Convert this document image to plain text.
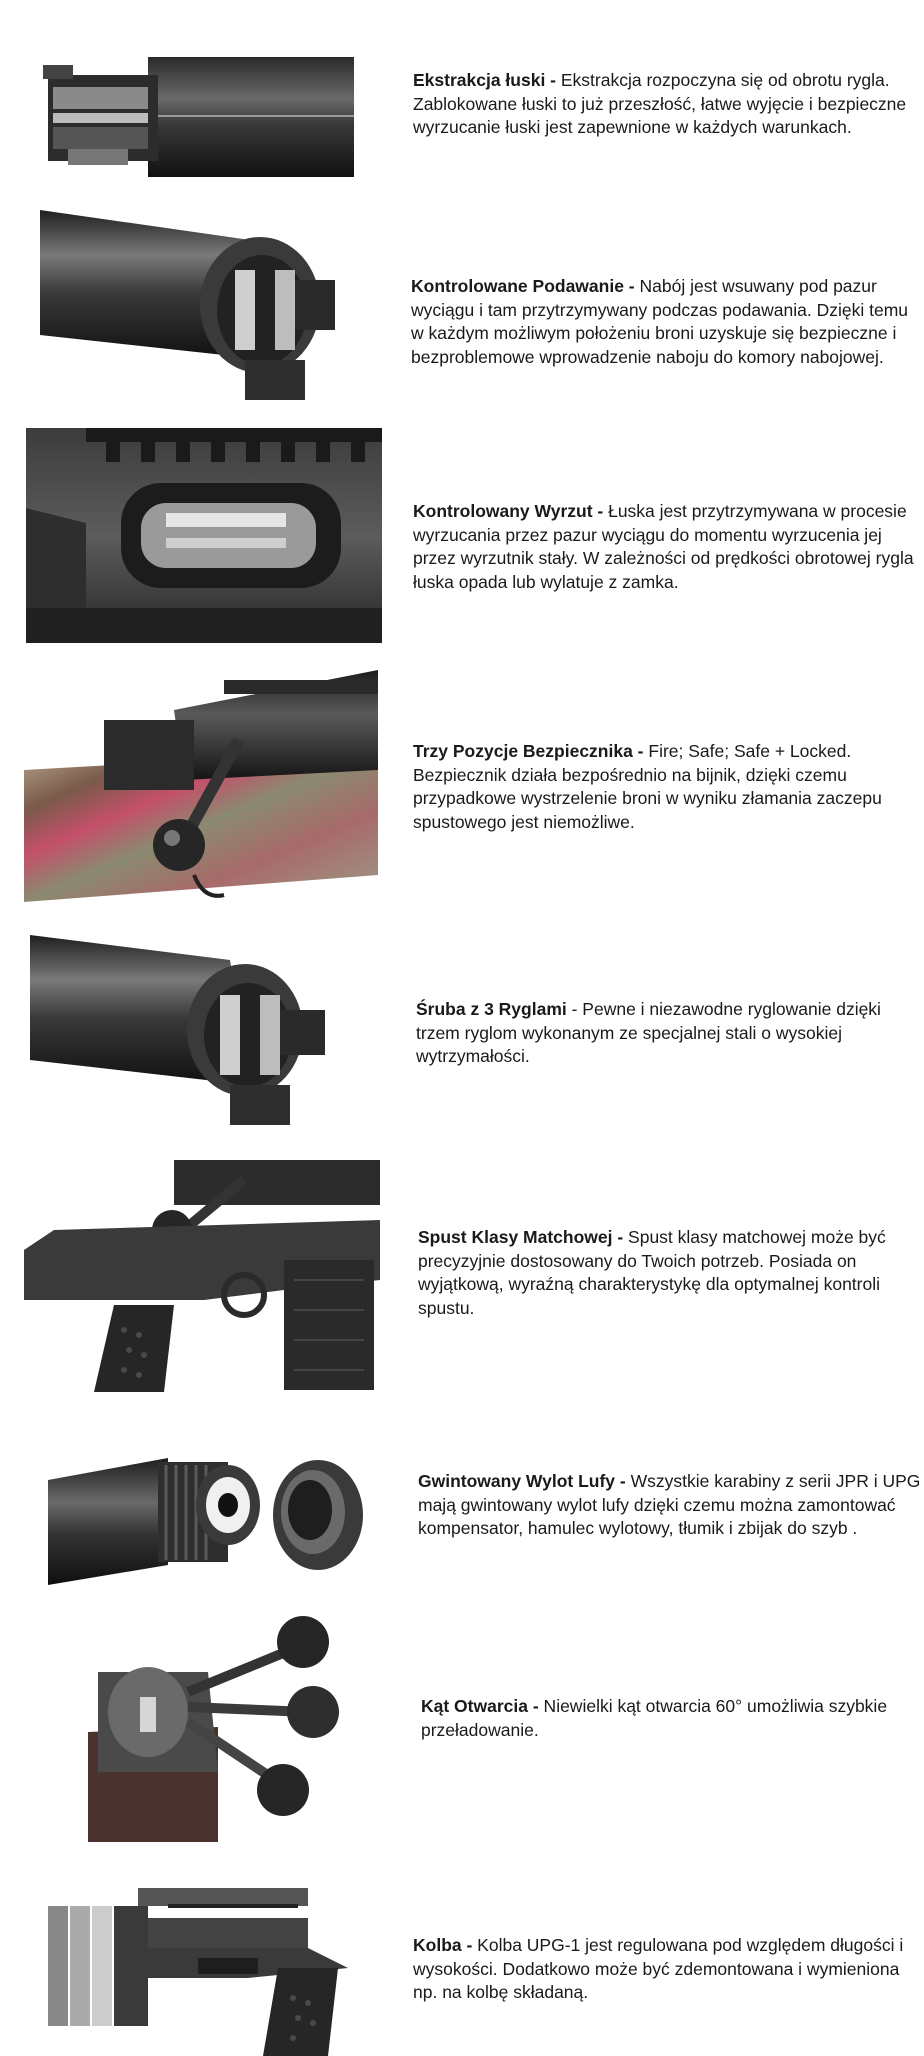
Ekstrakcja łuski - Ekstrakcja rozpoczyna się od obrotu rygla. Zablokowane łuski to już przeszłość, łatwe wyjęcie i bezpieczne wyrzucanie łuski jest zapewnione w każdych warunkach.
Kontrolowane Podawanie - Nabój jest wsuwany pod pazur wyciągu i tam przytrzymywany podczas podawania. Dzięki temu w każdym możliwym położeniu broni uzyskuje się bezpieczne i bezproblemowe wprowadzenie naboju do komory nabojowej.
Kontrolowany Wyrzut - Łuska jest przytrzymywana w procesie wyrzucania przez pazur wyciągu do momentu wyrzucenia jej przez wyrzutnik stały. W zależności od prędkości obrotowej rygla łuska opada lub wylatuje z zamka.
Trzy Pozycje Bezpiecznika - Fire; Safe; Safe + Locked. Bezpiecznik działa bezpośrednio na bijnik, dzięki czemu przypadkowe wystrzelenie broni w wyniku złamania zaczepu spustowego jest niemożliwe.
Śruba z 3 Ryglami - Pewne i niezawodne ryglowanie dzięki trzem ryglom wykonanym ze specjalnej stali o wysokiej wytrzymałości.
Spust Klasy Matchowej - Spust klasy matchowej może być precyzyjnie dostosowany do Twoich potrzeb. Posiada on wyjątkową, wyraźną charakterystykę dla optymalnej kontroli spustu.
Gwintowany Wylot Lufy - Wszystkie karabiny z serii JPR i UPG mają gwintowany wylot lufy dzięki czemu można zamontować kompensator, hamulec wylotowy, tłumik i zbijak do szyb .
Kąt Otwarcia - Niewielki kąt otwarcia 60° umożliwia szybkie przeładowanie.
Kolba - Kolba UPG-1 jest regulowana pod względem długości i wysokości. Dodatkowo może być zdemontowana i wymieniona np. na kolbę składaną.
